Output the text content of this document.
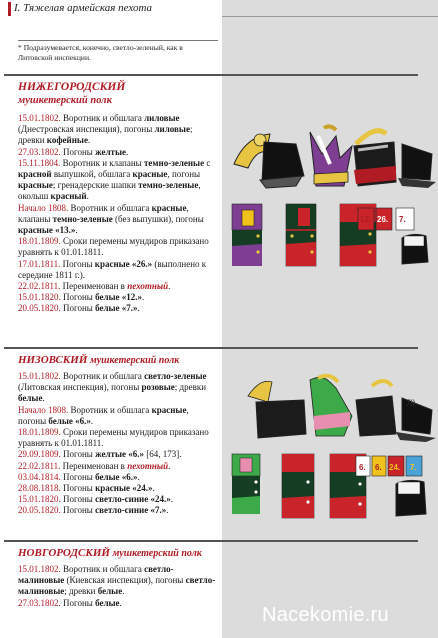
I. Тяжелая армейская пехота
* Подразумевается, конечно, светло-зеленый, как в Литовской инспекции.
НИЖЕГОРОДСКИЙ
мушкетерский полк
15.01.1802. Воротник и обшлага лиловые (Днестровская инспекция), погоны лиловые; древки кофейные.
27.03.1802. Погоны желтые.
15.11.1804. Воротник и клапаны темно-зеленые с красной выпушкой, обшлага красные, погоны красные; гренадерские шапки темно-зеленые, околыш красный.
Начало 1808. Воротник и обшлага красные, клапаны темно-зеленые (без выпушки), погоны красные «13.».
18.01.1809. Сроки перемены мундиров приказано уравнять к 01.01.1811.
17.01.1811. Погоны красные «26.» (выполнено к середине 1811 г.).
22.02.1811. Переименован в пехотный.
15.01.1820. Погоны белые «12.».
20.05.1820. Погоны белые «7.».
НИЗОВСКИЙ мушкетерский полк
15.01.1802. Воротник и обшлага светло-зеленые (Литовская инспекция), погоны розовые; древки белые.
Начало 1808. Воротник и обшлага красные, погоны белые «6.».
18.01.1809. Сроки перемены мундиров приказано уравнять к 01.01.1811.
29.09.1809. Погоны желтые «6.» [64, 173].
22.02.1811. Переименован в пехотный.
03.04.1814. Погоны белые «6.».
28.08.1818. Погоны красные «24.».
15.01.1820. Погоны светло-синие «24.».
20.05.1820. Погоны светло-синие «7.».
НОВГОРОДСКИЙ мушкетерский полк
15.01.1802. Воротник и обшлага светло-малиновые (Киевская инспекция), погоны светло-малиновые; древки белые.
27.03.1802. Погоны белые.
13. 26. 7.
6. 6. 24. 7.
79
Nacekomie.ru
